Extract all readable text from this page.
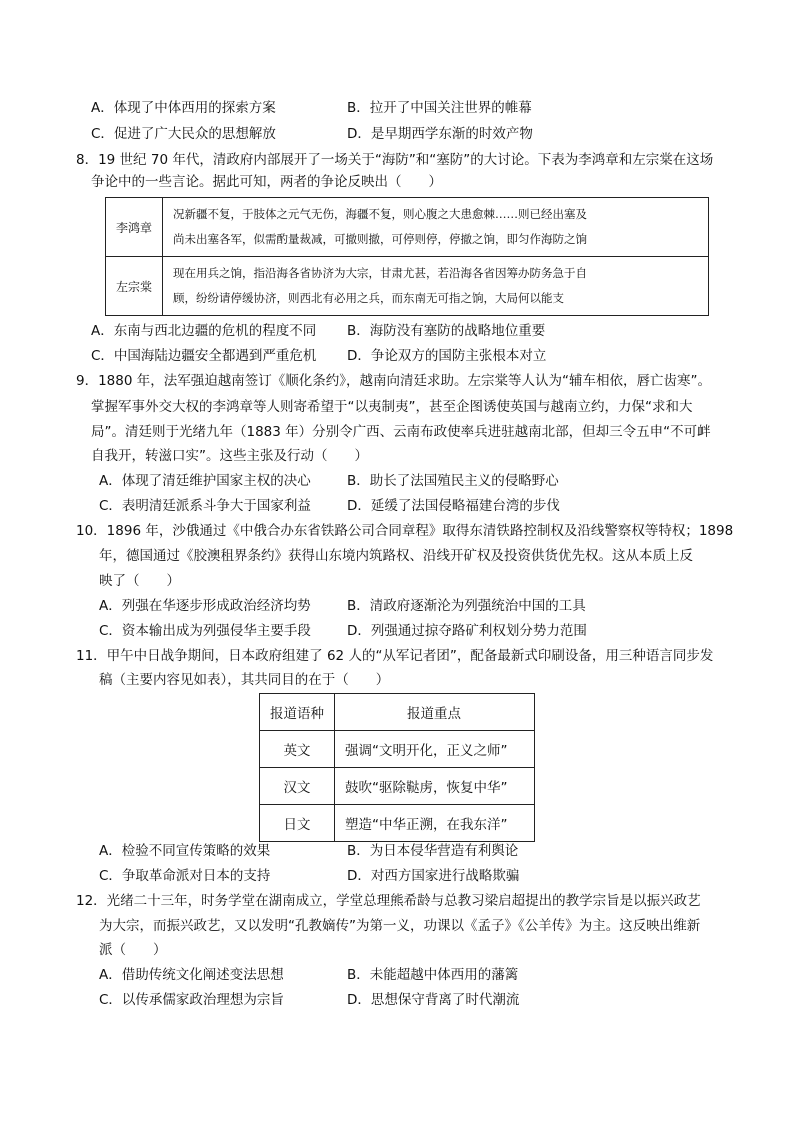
A．体现了中体西用的探索方案	B．拉开了中国关注世界的帷幕
C．促进了广大民众的思想解放	D．是早期西学东渐的时效产物
8．19 世纪 70 年代，清政府内部展开了一场关于“海防”和“塞防”的大讨论。下表为李鸿章和左宗棠在这场
争论中的一些言论。据此可知，两者的争论反映出（　　）
李鸿章	况新疆不复，于肢体之元气无伤，海疆不复，则心腹之大患愈棘……则已经出塞及
尚未出塞各军，似需酌量裁减，可撤则撤，可停则停，停撤之饷，即匀作海防之饷

左宗棠	现在用兵之饷，指沿海各省协济为大宗，甘肃尤甚，若沿海各省因筹办防务急于自
顾，纷纷请停缓协济，则西北有必用之兵，而东南无可指之饷，大局何以能支
A．东南与西北边疆的危机的程度不同 B．海防没有塞防的战略地位重要
C．中国海陆边疆安全都遇到严重危机 D．争论双方的国防主张根本对立
9．1880 年，法军强迫越南签订《顺化条约》，越南向清廷求助。左宗棠等人认为“辅车相依，唇亡齿寒”。
掌握军事外交大权的李鸿章等人则寄希望于“以夷制夷”，甚至企图诱使英国与越南立约，力保“求和大
局”。清廷则于光绪九年（1883 年）分别令广西、云南布政使率兵进驻越南北部，但却三令五申“不可衅
自我开，转滋口实”。这些主张及行动（　　）
A．体现了清廷维护国家主权的决心	B．助长了法国殖民主义的侵略野心
C．表明清廷派系斗争大于国家利益	D．延缓了法国侵略福建台湾的步伐
10．1896 年，沙俄通过《中俄合办东省铁路公司合同章程》取得东清铁路控制权及沿线警察权等特权；1898
年，德国通过《胶澳租界条约》获得山东境内筑路权、沿线开矿权及投资供货优先权。这从本质上反
映了（　　）
A．列强在华逐步形成政治经济均势	B．清政府逐渐沦为列强统治中国的工具
C．资本输出成为列强侵华主要手段	D．列强通过掠夺路矿利权划分势力范围
11．甲午中日战争期间，日本政府组建了 62 人的“从军记者团”，配备最新式印刷设备，用三种语言同步发
稿（主要内容见如表），其共同目的在于（　　）
报道语种	报道重点
英文	强调“文明开化，正义之师”
汉文	鼓吹“驱除鞑虏，恢复中华”
日文	塑造“中华正溯，在我东洋”
A．检验不同宣传策略的效果	B．为日本侵华营造有利舆论
C．争取革命派对日本的支持	D．对西方国家进行战略欺骗
12．光绪二十三年，时务学堂在湖南成立，学堂总理熊希龄与总教习梁启超提出的教学宗旨是以振兴政艺
为大宗，而振兴政艺，又以发明“孔教嫡传”为第一义，功课以《孟子》《公羊传》为主。这反映出维新
派（　　）
A．借助传统文化阐述变法思想	B．未能超越中体西用的藩篱
C．以传承儒家政治理想为宗旨	D．思想保守背离了时代潮流
